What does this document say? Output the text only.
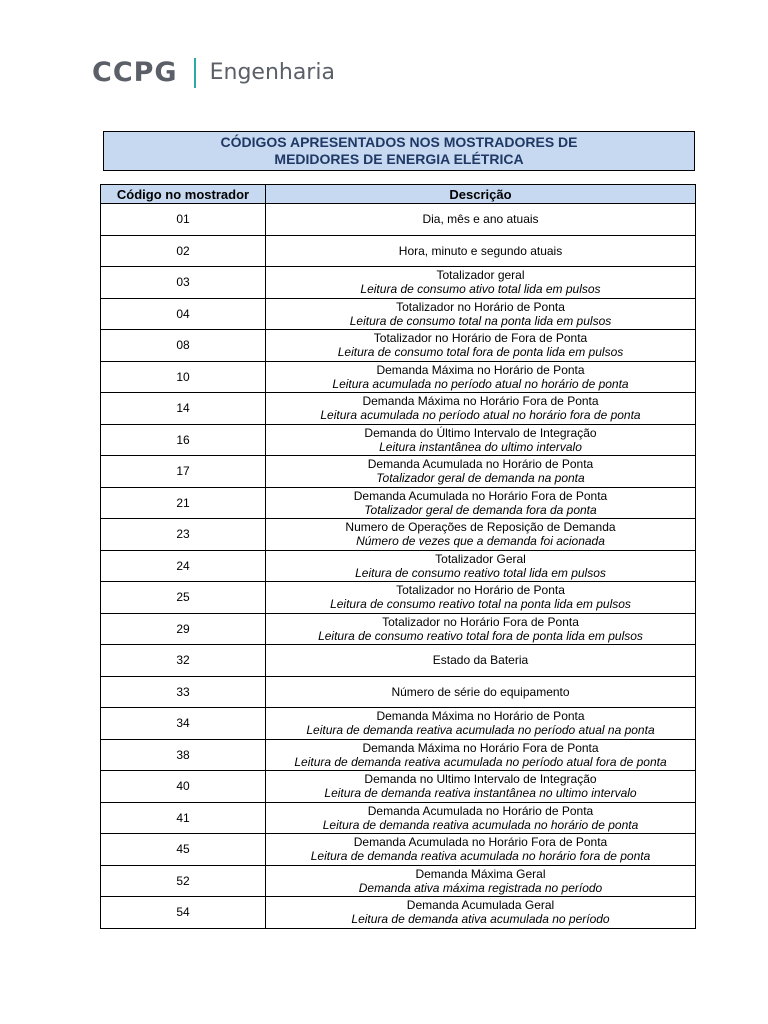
CCPG Engenharia
CÓDIGOS APRESENTADOS NOS MOSTRADORES DE
MEDIDORES DE ENERGIA ELÉTRICA
Código no mostrador	Descrição
01	Dia, mês e ano atuais

02	Hora, minuto e segundo atuais

03	Totalizador geral
Leitura de consumo ativo total lida em pulsos

04	Totalizador no Horário de Ponta
Leitura de consumo total na ponta lida em pulsos

08	Totalizador no Horário de Fora de Ponta
Leitura de consumo total fora de ponta lida em pulsos

10	Demanda Máxima no Horário de Ponta
Leitura acumulada no período atual no horário de ponta

14	Demanda Máxima no Horário Fora de Ponta
Leitura acumulada no período atual no horário fora de ponta

16	Demanda do Último Intervalo de Integração
Leitura instantânea do ultimo intervalo

17	Demanda Acumulada no Horário de Ponta
Totalizador geral de demanda na ponta

21	Demanda Acumulada no Horário Fora de Ponta
Totalizador geral de demanda fora da ponta

23	Numero de Operações de Reposição de Demanda
Número de vezes que a demanda foi acionada

24	Totalizador Geral
Leitura de consumo reativo total lida em pulsos

25	Totalizador no Horário de Ponta
Leitura de consumo reativo total na ponta lida em pulsos

29	Totalizador no Horário Fora de Ponta
Leitura de consumo reativo total fora de ponta lida em pulsos

32	Estado da Bateria

33	Número de série do equipamento

34	Demanda Máxima no Horário de Ponta
Leitura de demanda reativa acumulada no período atual na ponta

38	Demanda Máxima no Horário Fora de Ponta
Leitura de demanda reativa acumulada no período atual fora de ponta

40	Demanda no Ultimo Intervalo de Integração
Leitura de demanda reativa instantânea no ultimo intervalo

41	Demanda Acumulada no Horário de Ponta
Leitura de demanda reativa acumulada no horário de ponta

45	Demanda Acumulada no Horário Fora de Ponta
Leitura de demanda reativa acumulada no horário fora de ponta

52	Demanda Máxima Geral
Demanda ativa máxima registrada no período

54	Demanda Acumulada Geral
Leitura de demanda ativa acumulada no período
